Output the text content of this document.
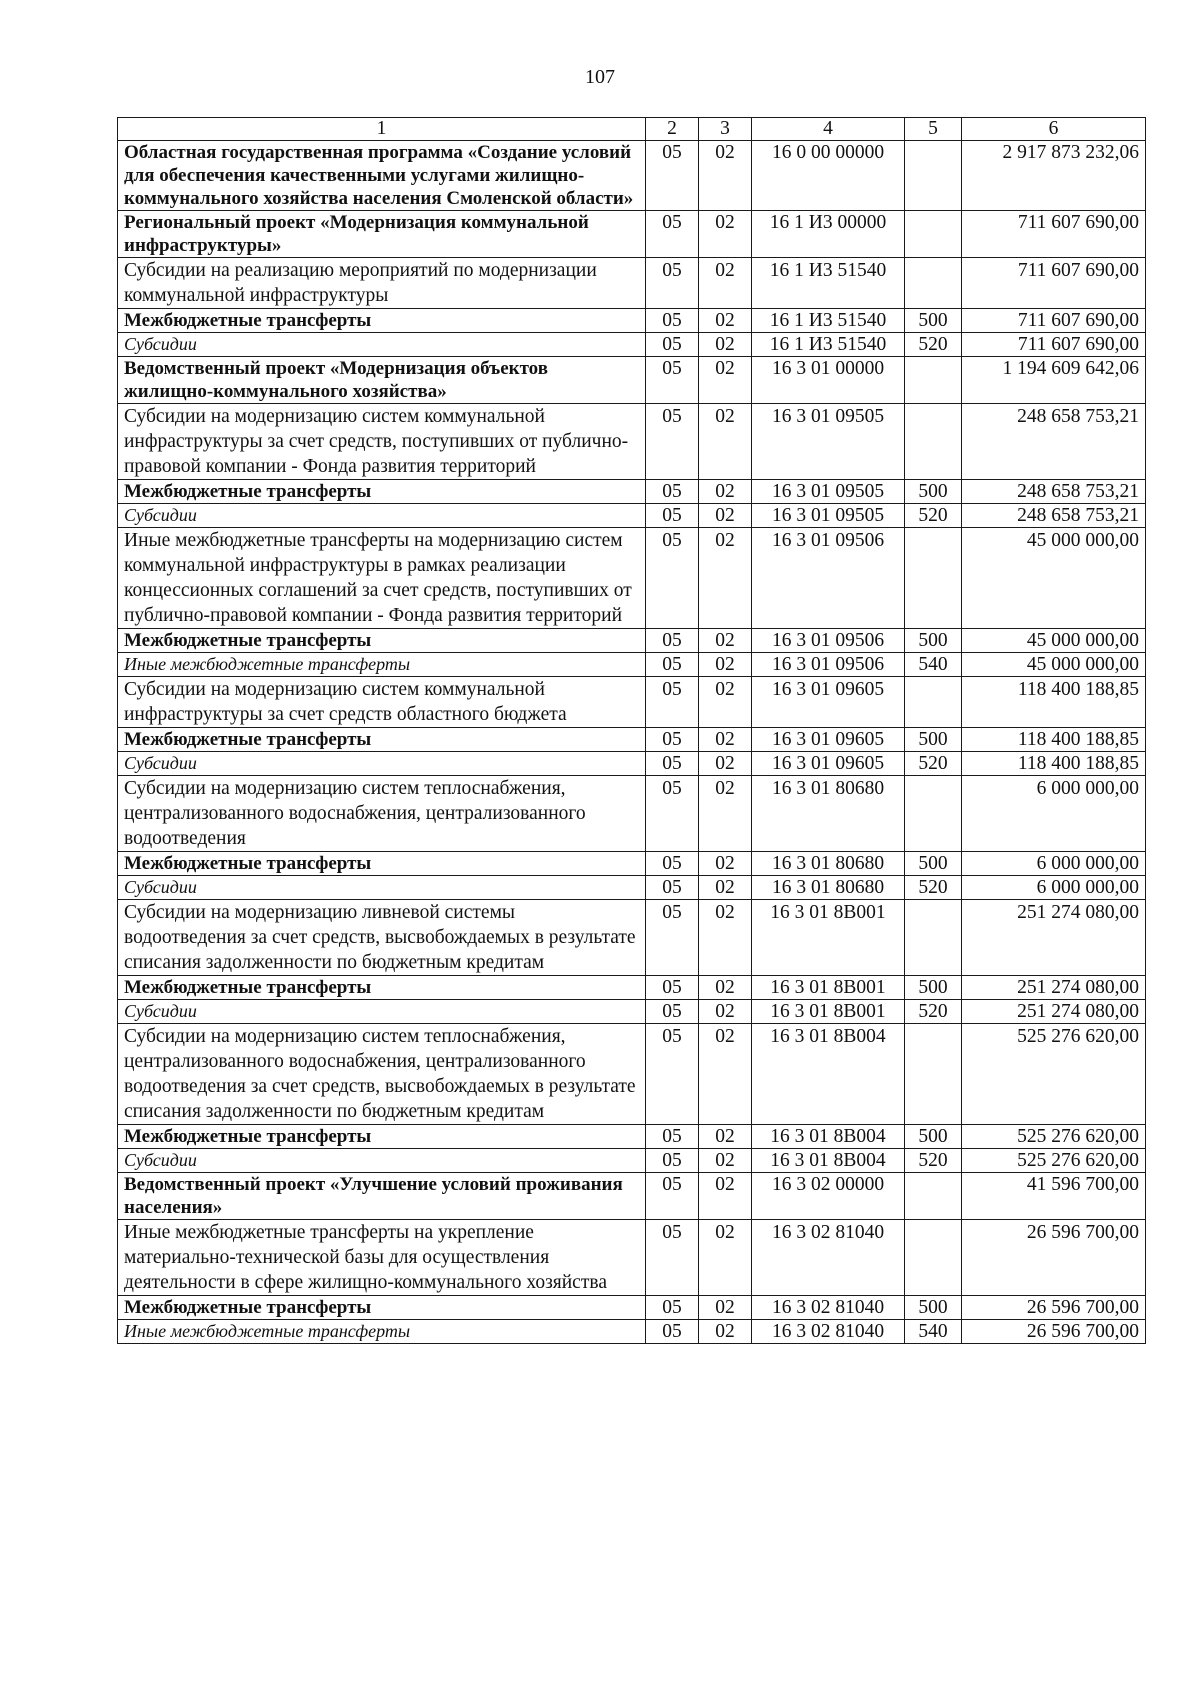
107
1	2	3	4	5	6
Областная государственная программа «Создание условий для обеспечения качественными услугами жилищно-коммунального хозяйства населения Смоленской области»	05	02	16 0 00 00000		2 917 873 232,06
Региональный проект «Модернизация коммунальной инфраструктуры»	05	02	16 1 И3 00000		711 607 690,00
Субсидии на реализацию мероприятий по модернизации коммунальной инфраструктуры	05	02	16 1 И3 51540		711 607 690,00
Межбюджетные трансферты	05	02	16 1 И3 51540	500	711 607 690,00
Субсидии	05	02	16 1 И3 51540	520	711 607 690,00
Ведомственный проект «Модернизация объектов жилищно-коммунального хозяйства»	05	02	16 3 01 00000		1 194 609 642,06
Субсидии на модернизацию систем коммунальной инфраструктуры за счет средств, поступивших от публично-правовой компании - Фонда развития территорий	05	02	16 3 01 09505		248 658 753,21
Межбюджетные трансферты	05	02	16 3 01 09505	500	248 658 753,21
Субсидии	05	02	16 3 01 09505	520	248 658 753,21
Иные межбюджетные трансферты на модернизацию систем коммунальной инфраструктуры в рамках реализации концессионных соглашений за счет средств, поступивших от публично-правовой компании - Фонда развития территорий	05	02	16 3 01 09506		45 000 000,00
Межбюджетные трансферты	05	02	16 3 01 09506	500	45 000 000,00
Иные межбюджетные трансферты	05	02	16 3 01 09506	540	45 000 000,00
Субсидии на модернизацию систем коммунальной инфраструктуры за счет средств областного бюджета	05	02	16 3 01 09605		118 400 188,85
Межбюджетные трансферты	05	02	16 3 01 09605	500	118 400 188,85
Субсидии	05	02	16 3 01 09605	520	118 400 188,85
Субсидии на модернизацию систем теплоснабжения, централизованного водоснабжения, централизованного водоотведения	05	02	16 3 01 80680		6 000 000,00
Межбюджетные трансферты	05	02	16 3 01 80680	500	6 000 000,00
Субсидии	05	02	16 3 01 80680	520	6 000 000,00
Субсидии на модернизацию ливневой системы водоотведения за счет средств, высвобождаемых в результате списания задолженности по бюджетным кредитам	05	02	16 3 01 8В001		251 274 080,00
Межбюджетные трансферты	05	02	16 3 01 8В001	500	251 274 080,00
Субсидии	05	02	16 3 01 8В001	520	251 274 080,00
Субсидии на модернизацию систем теплоснабжения, централизованного водоснабжения, централизованного водоотведения за счет средств, высвобождаемых в результате списания задолженности по бюджетным кредитам	05	02	16 3 01 8В004		525 276 620,00
Межбюджетные трансферты	05	02	16 3 01 8В004	500	525 276 620,00
Субсидии	05	02	16 3 01 8В004	520	525 276 620,00
Ведомственный проект «Улучшение условий проживания населения»	05	02	16 3 02 00000		41 596 700,00
Иные межбюджетные трансферты на укрепление материально-технической базы для осуществления деятельности в сфере жилищно-коммунального хозяйства	05	02	16 3 02 81040		26 596 700,00
Межбюджетные трансферты	05	02	16 3 02 81040	500	26 596 700,00
Иные межбюджетные трансферты	05	02	16 3 02 81040	540	26 596 700,00
